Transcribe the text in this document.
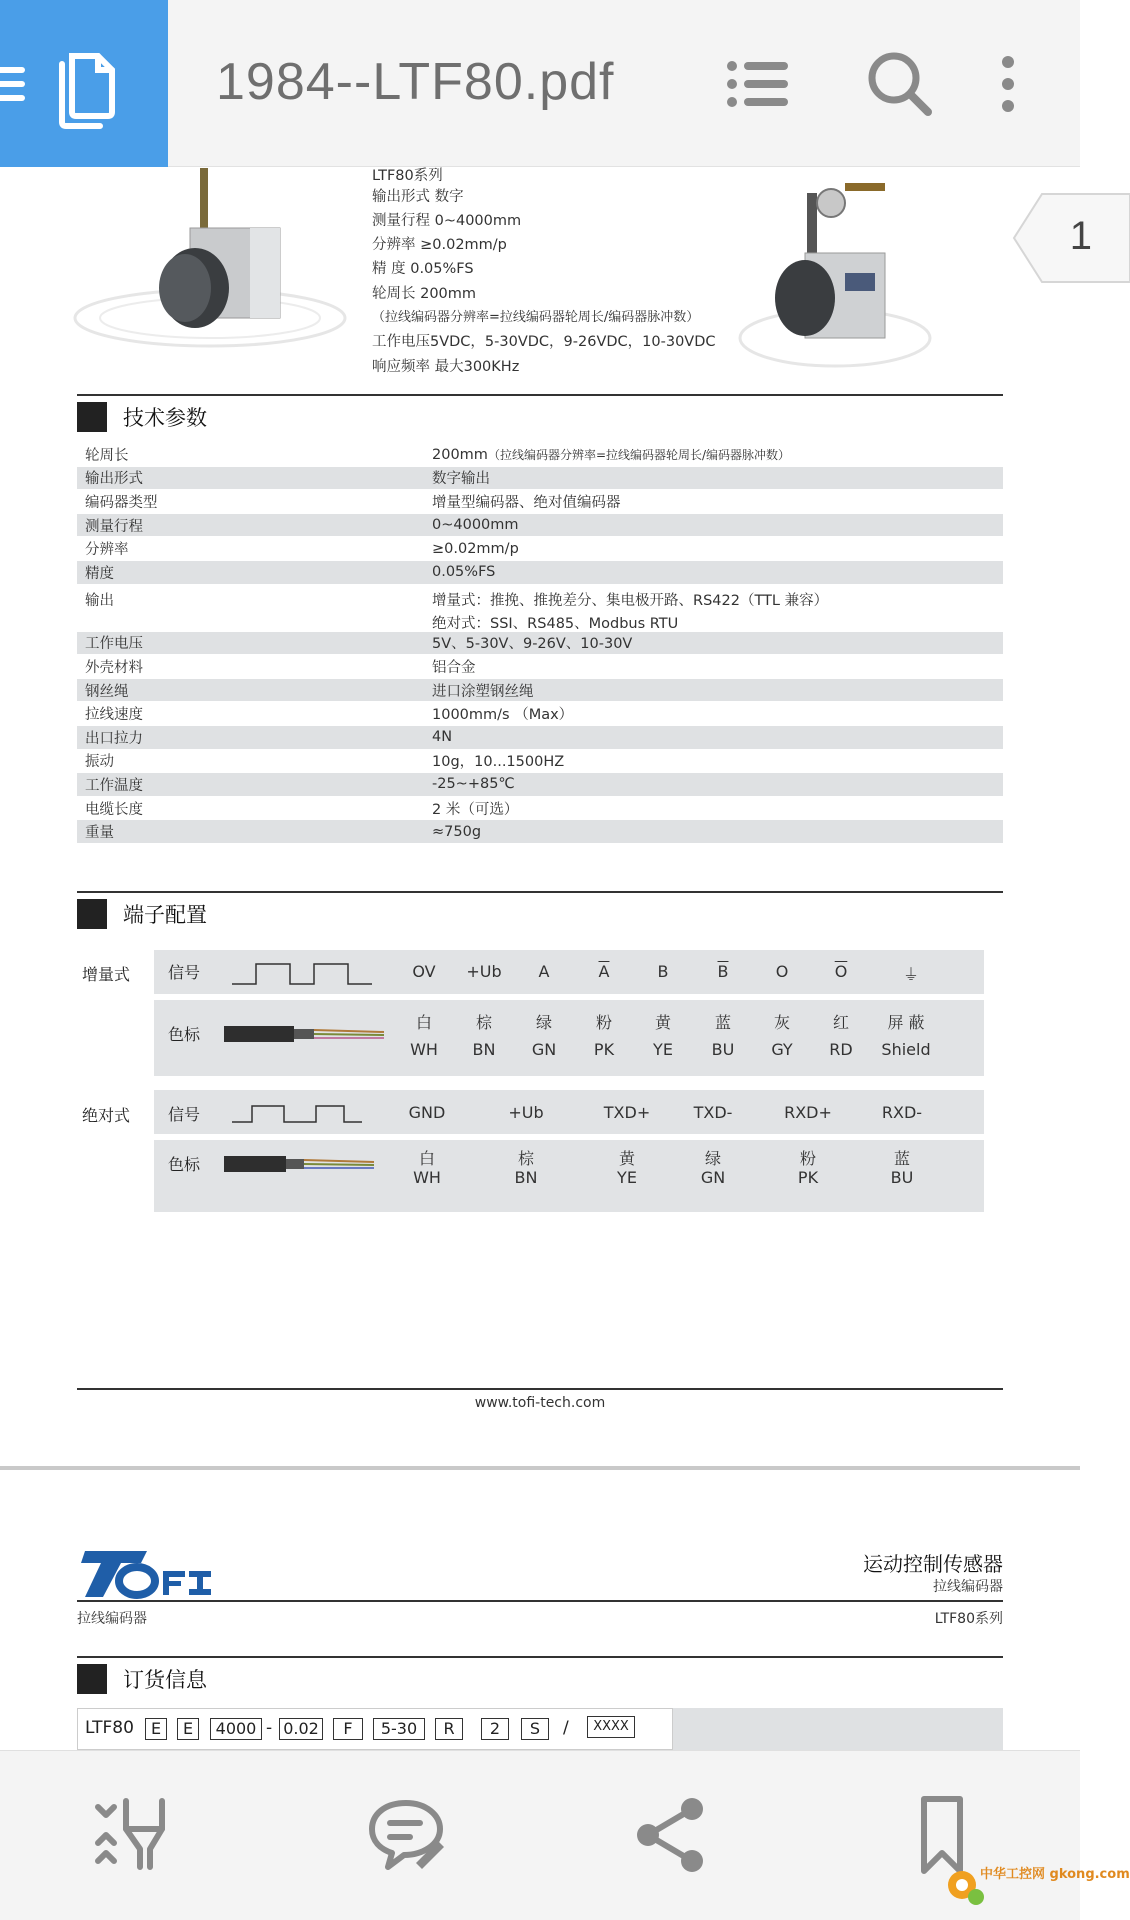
1984--LTF80.pdf
LTF80系列
输出形式 数字
测量行程 0~4000mm
分辨率 ≥0.02mm/p
精 度 0.05%FS
轮周长 200mm
（拉线编码器分辨率=拉线编码器轮周长/编码器脉冲数）
工作电压5VDC，5-30VDC，9-26VDC，10-30VDC
响应频率 最大300KHz
技术参数
轮周长	200mm（拉线编码器分辨率=拉线编码器轮周长/编码器脉冲数）
输出形式	数字输出
编码器类型	增量型编码器、绝对值编码器
测量行程	0~4000mm
分辨率	≥0.02mm/p
精度	0.05%FS
输出	增量式：推挽、推挽差分、集电极开路、RS422（TTL 兼容）
绝对式：SSI、RS485、Modbus RTU
工作电压	5V、5-30V、9-26V、10-30V
外壳材料	铝合金
钢丝绳	进口涂塑钢丝绳
拉线速度	1000mm/s （Max）
出口拉力	4N
振动	10g，10...1500HZ
工作温度	-25~+85℃
电缆长度	2 米（可选）
重量	≈750g
端子配置
增量式 信号	OV	+Ub	A	$\overline{A}$	B	$\overline{B}$	O	$\overline{O}$	⏚
色标
白	棕	绿	粉	黄	蓝	灰	红	屏 蔽
WH	BN	GN	PK	YE	BU	GY	RD	Shield
绝对式 信号	GND	+Ub	TXD+	TXD-	RXD+	RXD-
色标	白	棕	黄	绿	粉	蓝
WH	BN	YE	GN	PK	BU
www.tofi-tech.com
运动控制传感器
拉线编码器
拉线编码器	LTF80系列
订货信息
LTF80	E	E	4000 - 0.02	F	5-30	R	2	S	/	XXXX
1
中华工控网 gkong.com
